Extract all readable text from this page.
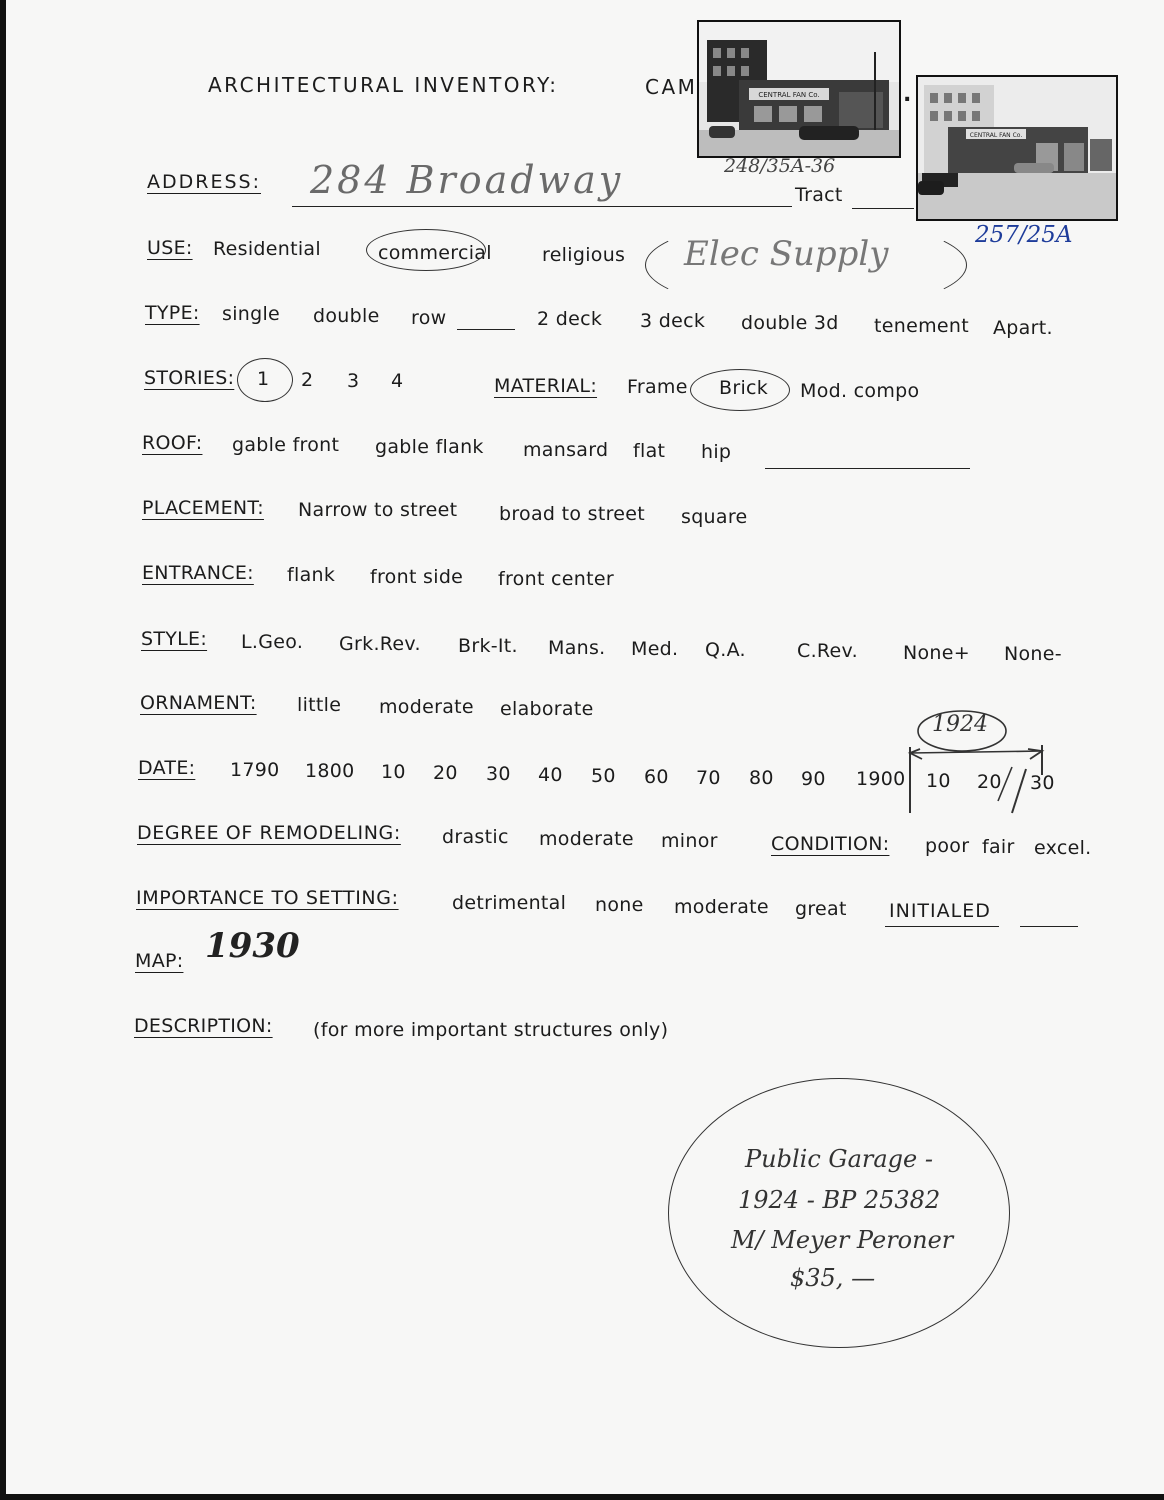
ARCHITECTURAL INVENTORY:	CAM	.
CENTRAL FAN Co.
248/35A-36
CENTRAL FAN Co.
257/25A
ADDRESS: 284 Broadway	Tract
USE: Residential	commercial	religious Elec Supply
TYPE: single double row	2 deck 3 deck double 3d tenement Apart.
STORIES: 1 2 3 4	MATERIAL: Frame Brick Mod. compo
ROOF: gable front gable flank mansard flat hip
PLACEMENT: Narrow to street broad to street square
ENTRANCE: flank front side front center
STYLE: L.Geo. Grk.Rev. Brk-It. Mans. Med. Q.A.	C.Rev. None+ None-
ORNAMENT: little moderate elaborate
DATE: 1790 1800 10 20 30 40 50 60 70 80 90 1900 10 20 30
1924
DEGREE OF REMODELING: drastic moderate minor	CONDITION: poor fair excel.
IMPORTANCE TO SETTING:	detrimental none moderate great INITIALED
MAP: 1930
DESCRIPTION: (for more important structures only)
Public Garage -
1924 - BP 25382
M/ Meyer Peroner
$35, —
